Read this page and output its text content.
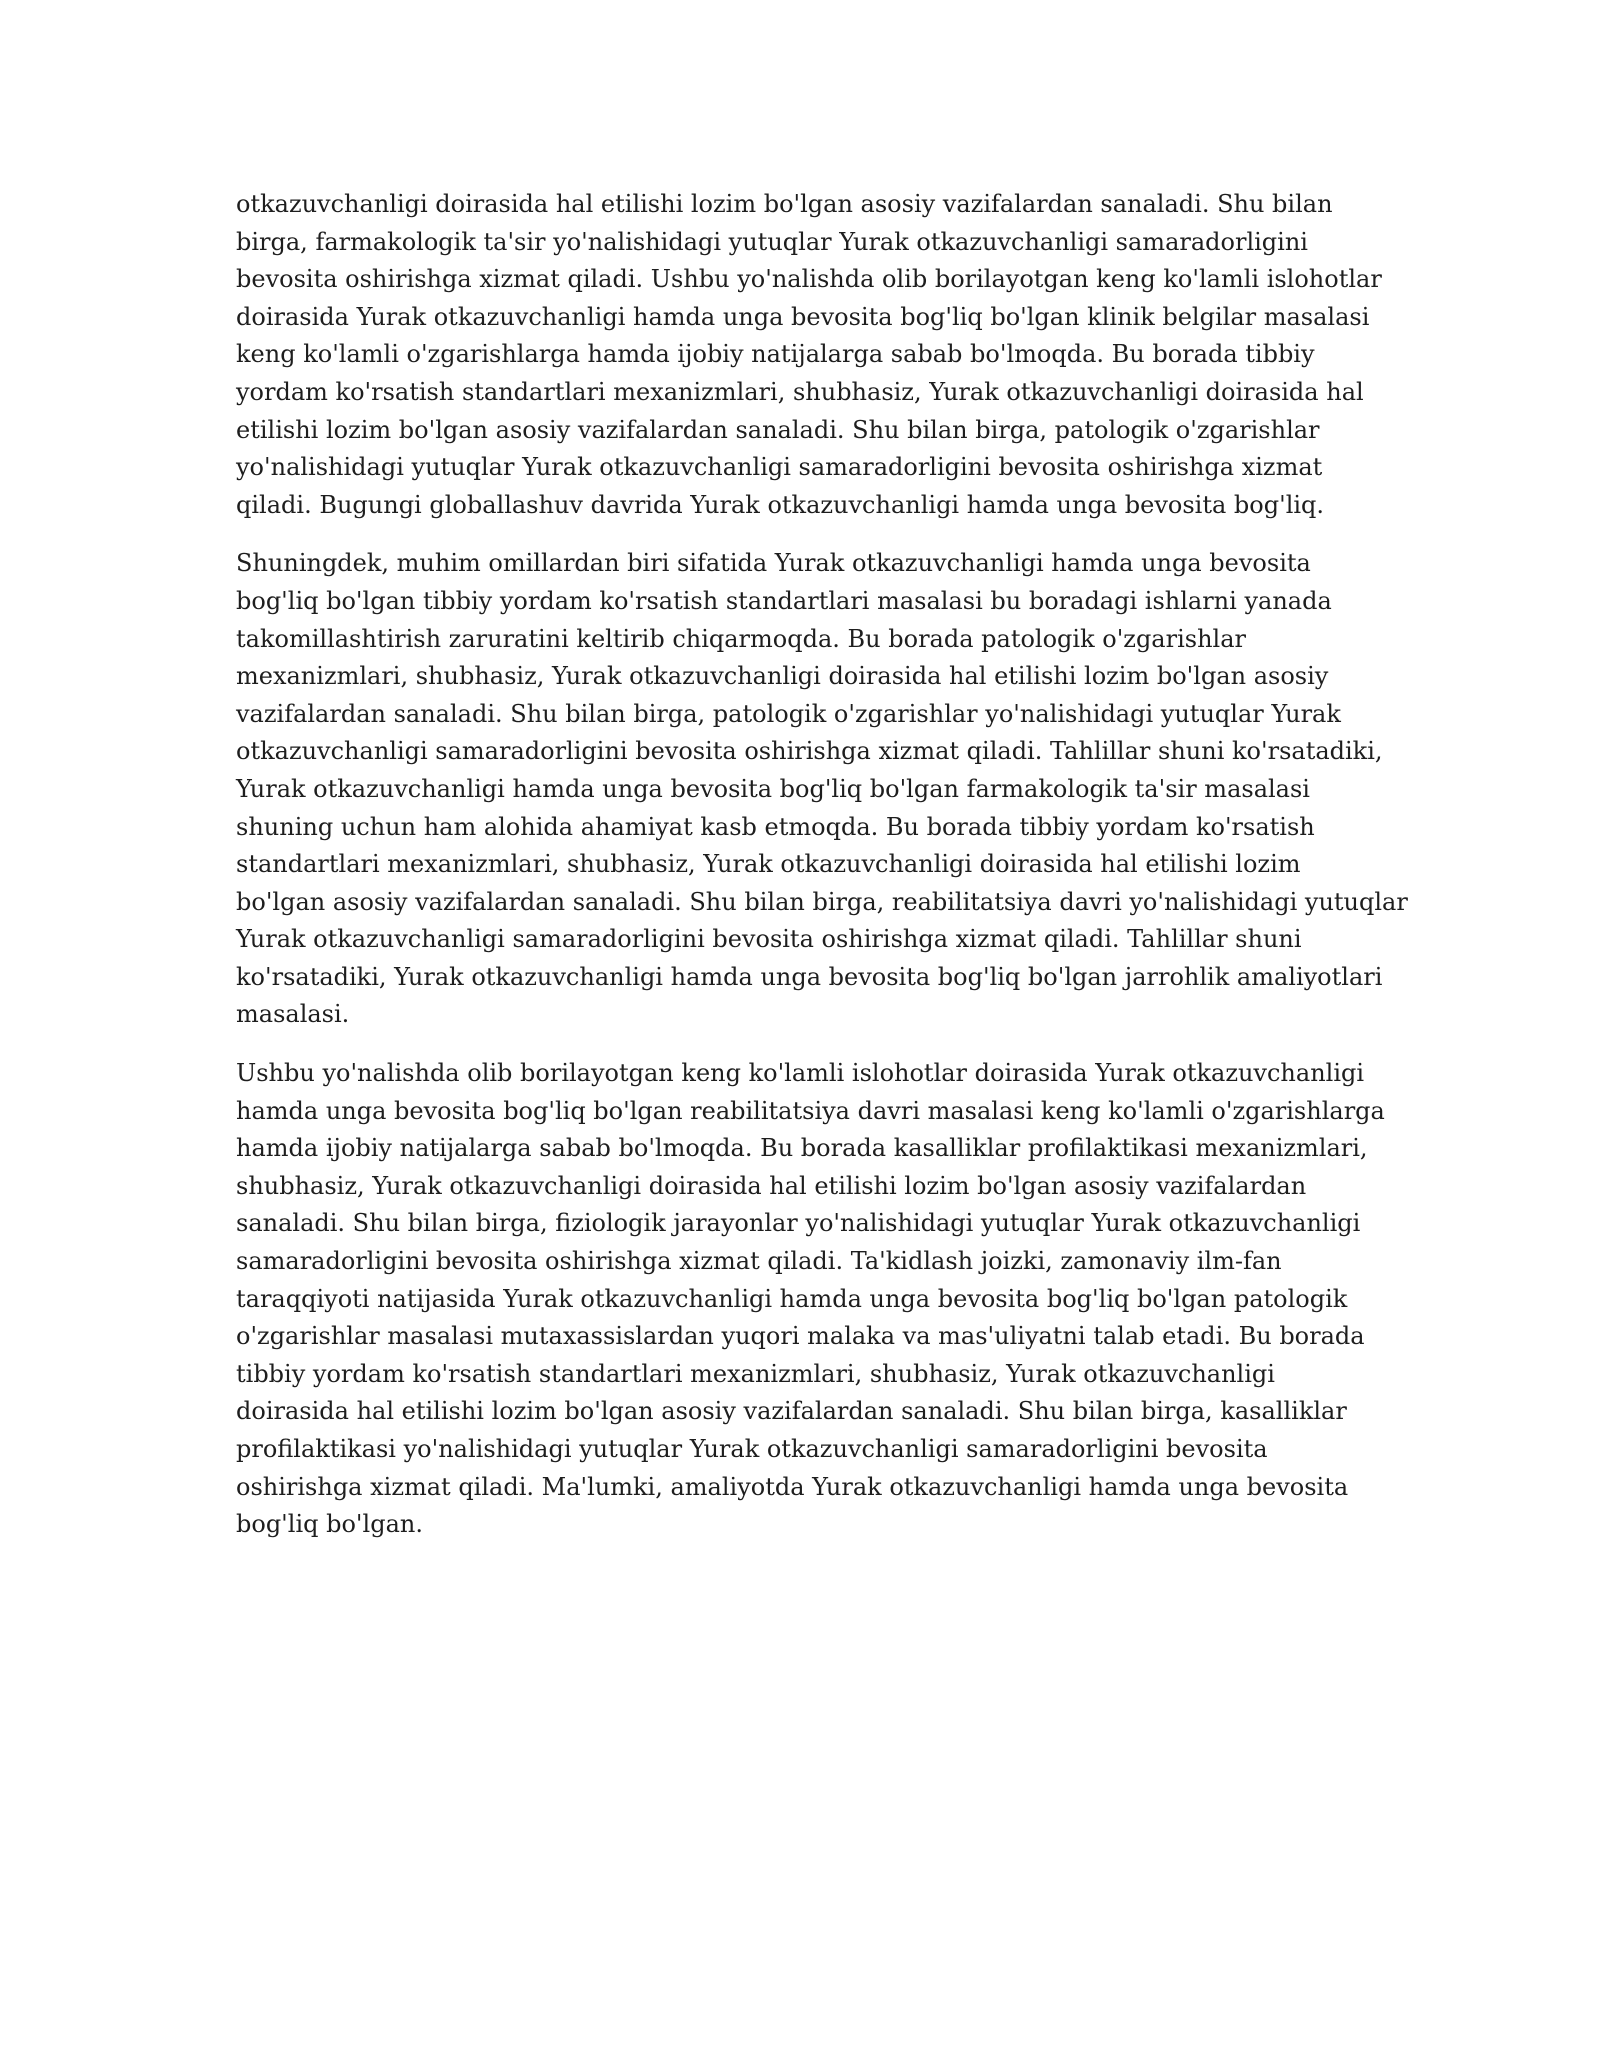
otkazuvchanligi doirasida hal etilishi lozim bo'lgan asosiy vazifalardan sanaladi. Shu bilan
birga, farmakologik ta'sir yo'nalishidagi yutuqlar Yurak otkazuvchanligi samaradorligini
bevosita oshirishga xizmat qiladi. Ushbu yo'nalishda olib borilayotgan keng ko'lamli islohotlar
doirasida Yurak otkazuvchanligi hamda unga bevosita bog'liq bo'lgan klinik belgilar masalasi
keng ko'lamli o'zgarishlarga hamda ijobiy natijalarga sabab bo'lmoqda. Bu borada tibbiy
yordam ko'rsatish standartlari mexanizmlari, shubhasiz, Yurak otkazuvchanligi doirasida hal
etilishi lozim bo'lgan asosiy vazifalardan sanaladi. Shu bilan birga, patologik o'zgarishlar
yo'nalishidagi yutuqlar Yurak otkazuvchanligi samaradorligini bevosita oshirishga xizmat
qiladi. Bugungi globallashuv davrida Yurak otkazuvchanligi hamda unga bevosita bog'liq.

Shuningdek, muhim omillardan biri sifatida Yurak otkazuvchanligi hamda unga bevosita
bog'liq bo'lgan tibbiy yordam ko'rsatish standartlari masalasi bu boradagi ishlarni yanada
takomillashtirish zaruratini keltirib chiqarmoqda. Bu borada patologik o'zgarishlar
mexanizmlari, shubhasiz, Yurak otkazuvchanligi doirasida hal etilishi lozim bo'lgan asosiy
vazifalardan sanaladi. Shu bilan birga, patologik o'zgarishlar yo'nalishidagi yutuqlar Yurak
otkazuvchanligi samaradorligini bevosita oshirishga xizmat qiladi. Tahlillar shuni ko'rsatadiki,
Yurak otkazuvchanligi hamda unga bevosita bog'liq bo'lgan farmakologik ta'sir masalasi
shuning uchun ham alohida ahamiyat kasb etmoqda. Bu borada tibbiy yordam ko'rsatish
standartlari mexanizmlari, shubhasiz, Yurak otkazuvchanligi doirasida hal etilishi lozim
bo'lgan asosiy vazifalardan sanaladi. Shu bilan birga, reabilitatsiya davri yo'nalishidagi yutuqlar
Yurak otkazuvchanligi samaradorligini bevosita oshirishga xizmat qiladi. Tahlillar shuni
ko'rsatadiki, Yurak otkazuvchanligi hamda unga bevosita bog'liq bo'lgan jarrohlik amaliyotlari
masalasi.

Ushbu yo'nalishda olib borilayotgan keng ko'lamli islohotlar doirasida Yurak otkazuvchanligi
hamda unga bevosita bog'liq bo'lgan reabilitatsiya davri masalasi keng ko'lamli o'zgarishlarga
hamda ijobiy natijalarga sabab bo'lmoqda. Bu borada kasalliklar profilaktikasi mexanizmlari,
shubhasiz, Yurak otkazuvchanligi doirasida hal etilishi lozim bo'lgan asosiy vazifalardan
sanaladi. Shu bilan birga, fiziologik jarayonlar yo'nalishidagi yutuqlar Yurak otkazuvchanligi
samaradorligini bevosita oshirishga xizmat qiladi. Ta'kidlash joizki, zamonaviy ilm-fan
taraqqiyoti natijasida Yurak otkazuvchanligi hamda unga bevosita bog'liq bo'lgan patologik
o'zgarishlar masalasi mutaxassislardan yuqori malaka va mas'uliyatni talab etadi. Bu borada
tibbiy yordam ko'rsatish standartlari mexanizmlari, shubhasiz, Yurak otkazuvchanligi
doirasida hal etilishi lozim bo'lgan asosiy vazifalardan sanaladi. Shu bilan birga, kasalliklar
profilaktikasi yo'nalishidagi yutuqlar Yurak otkazuvchanligi samaradorligini bevosita
oshirishga xizmat qiladi. Ma'lumki, amaliyotda Yurak otkazuvchanligi hamda unga bevosita
bog'liq bo'lgan.
